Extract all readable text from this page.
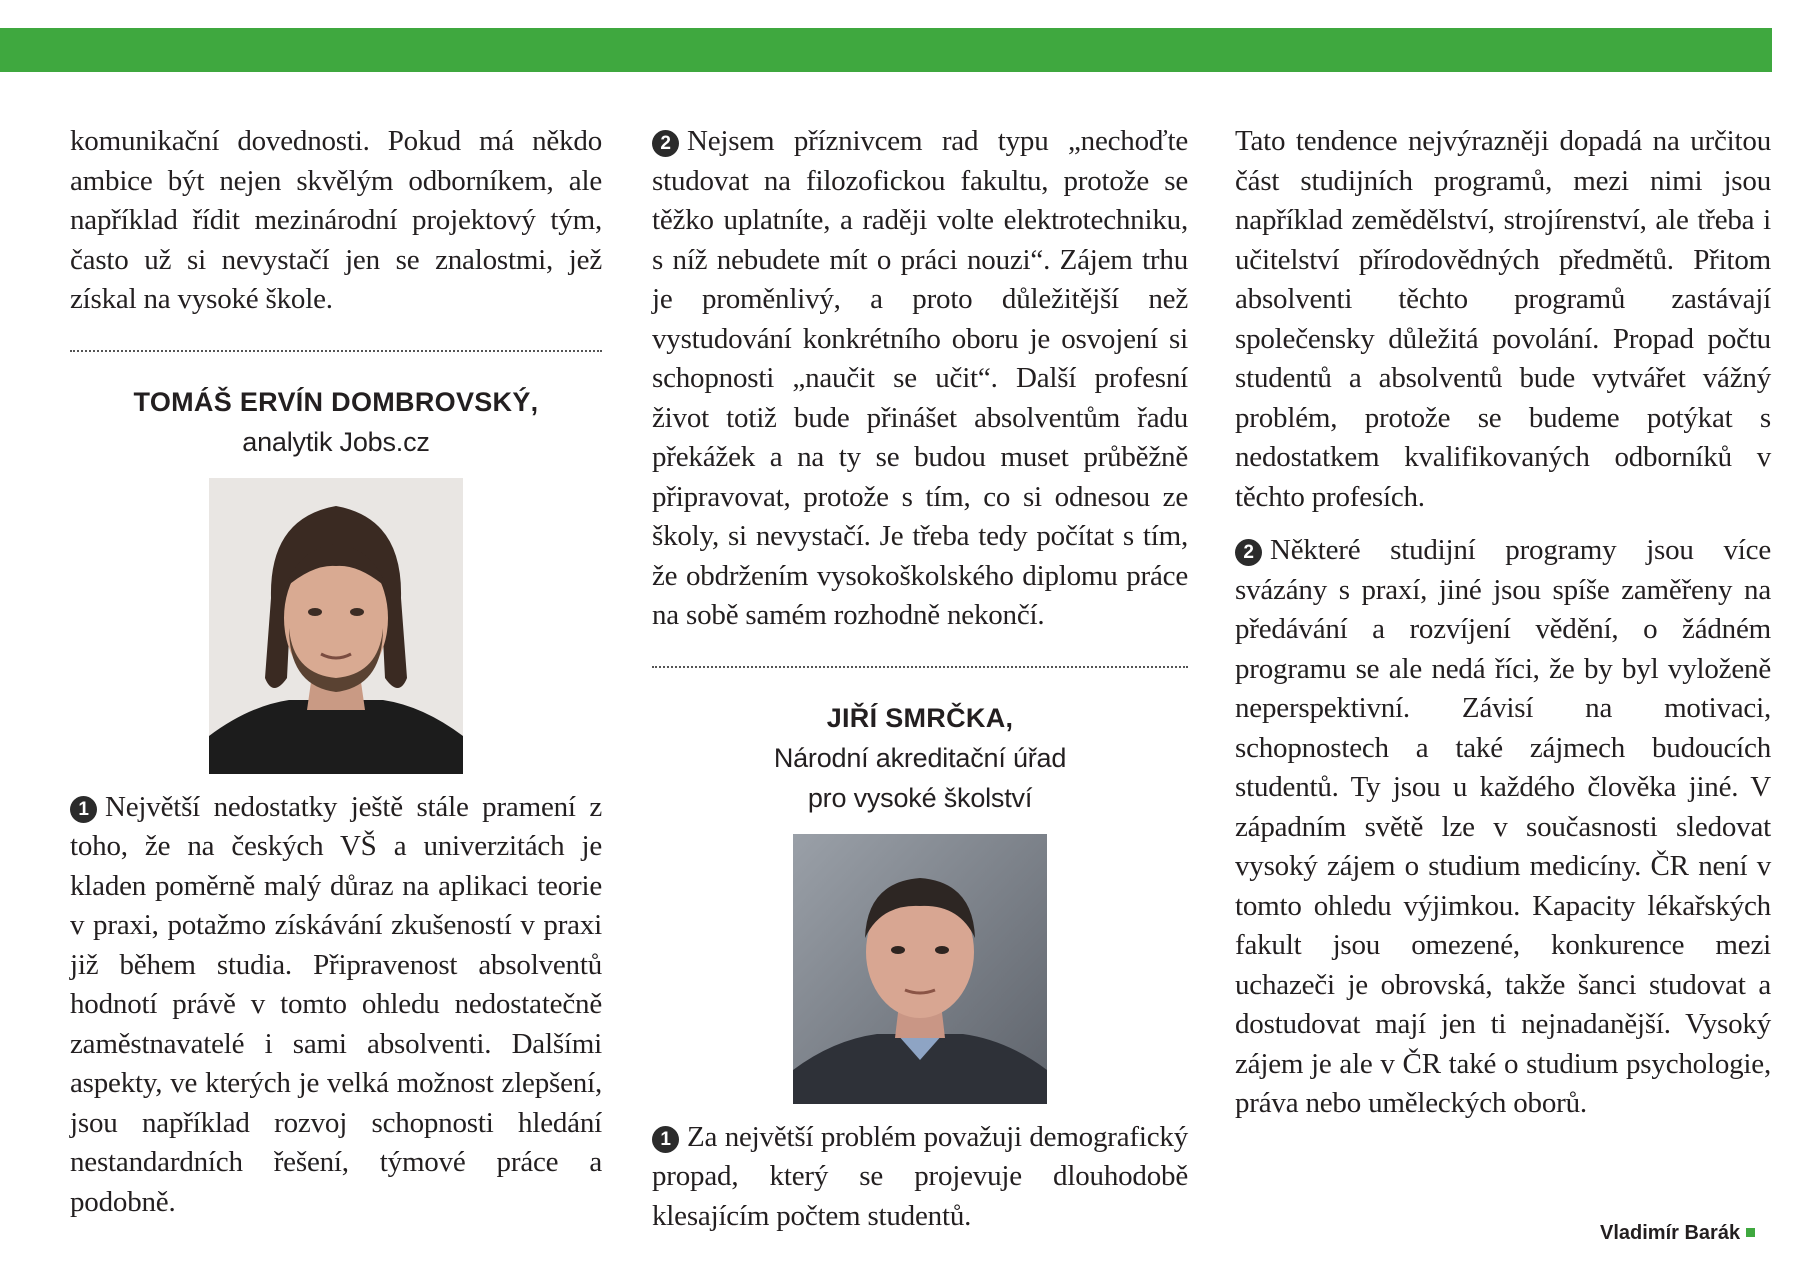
komunikační dovednosti. Pokud má někdo ambice být nejen skvělým odborníkem, ale například řídit mezinárodní projektový tým, často už si nevystačí jen se znalostmi, jež získal na vysoké škole.

TOMÁŠ ERVÍN DOMBROVSKÝ,
analytik Jobs.cz

1 Největší nedostatky ještě stále pramení z toho, že na českých VŠ a univerzitách je kladen poměrně malý důraz na aplikaci teorie v praxi, potažmo získávání zkušeností v praxi již během studia. Připravenost absolventů hodnotí právě v tomto ohledu nedostatečně zaměstnavatelé i sami absolventi. Dalšími aspekty, ve kterých je velká možnost zlepšení, jsou například rozvoj schopnosti hledání nestandardních řešení, týmové práce a podobně.

2 Nejsem příznivcem rad typu „nechoďte studovat na filozofickou fakultu, protože se těžko uplatníte, a raději volte elektrotechniku, s níž nebudete mít o práci nouzi“. Zájem trhu je proměnlivý, a proto důležitější než vystudování konkrétního oboru je osvojení si schopnosti „naučit se učit“. Další profesní život totiž bude přinášet absolventům řadu překážek a na ty se budou muset průběžně připravovat, protože s tím, co si odnesou ze školy, si nevystačí. Je třeba tedy počítat s tím, že obdržením vysokoškolského diplomu práce na sobě samém rozhodně nekončí.

JIŘÍ SMRČKA,
Národní akreditační úřad
pro vysoké školství

1 Za největší problém považuji demografický propad, který se projevuje dlouhodobě klesajícím počtem studentů.

Tato tendence nejvýrazněji dopadá na určitou část studijních programů, mezi nimi jsou například zemědělství, strojírenství, ale třeba i učitelství přírodovědných předmětů. Přitom absolventi těchto programů zastávají společensky důležitá povolání. Propad počtu studentů a absolventů bude vytvářet vážný problém, protože se budeme potýkat s nedostatkem kvalifikovaných odborníků v těchto profesích.

2 Některé studijní programy jsou více svázány s praxí, jiné jsou spíše zaměřeny na předávání a rozvíjení vědění, o žádném programu se ale nedá říci, že by byl vyloženě neperspektivní. Závisí na motivaci, schopnostech a také zájmech budoucích studentů. Ty jsou u každého člověka jiné. V západním světě lze v současnosti sledovat vysoký zájem o studium medicíny. ČR není v tomto ohledu výjimkou. Kapacity lékařských fakult jsou omezené, konkurence mezi uchazeči je obrovská, takže šanci studovat a dostudovat mají jen ti nejnadanější. Vysoký zájem je ale v ČR také o studium psychologie, práva nebo uměleckých oborů.

Vladimír Barák
